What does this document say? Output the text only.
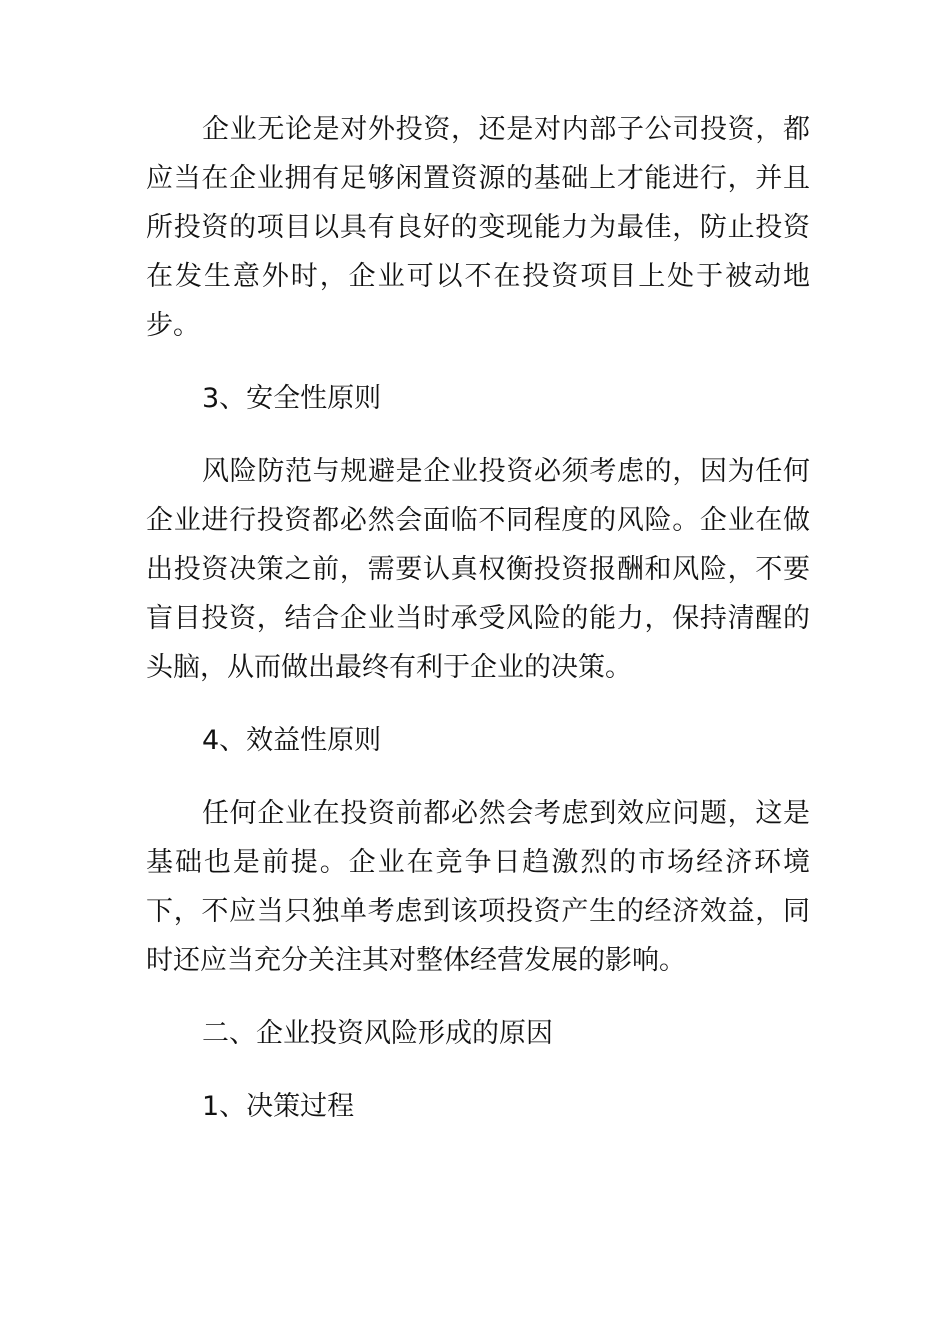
企业无论是对外投资，还是对内部子公司投资，都应当在企业拥有足够闲置资源的基础上才能进行，并且所投资的项目以具有良好的变现能力为最佳，防止投资在发生意外时，企业可以不在投资项目上处于被动地步。

3、安全性原则

风险防范与规避是企业投资必须考虑的，因为任何企业进行投资都必然会面临不同程度的风险。企业在做出投资决策之前，需要认真权衡投资报酬和风险，不要盲目投资，结合企业当时承受风险的能力，保持清醒的头脑，从而做出最终有利于企业的决策。

4、效益性原则

任何企业在投资前都必然会考虑到效应问题，这是基础也是前提。企业在竞争日趋激烈的市场经济环境下，不应当只独单考虑到该项投资产生的经济效益，同时还应当充分关注其对整体经营发展的影响。

二、企业投资风险形成的原因

1、决策过程
